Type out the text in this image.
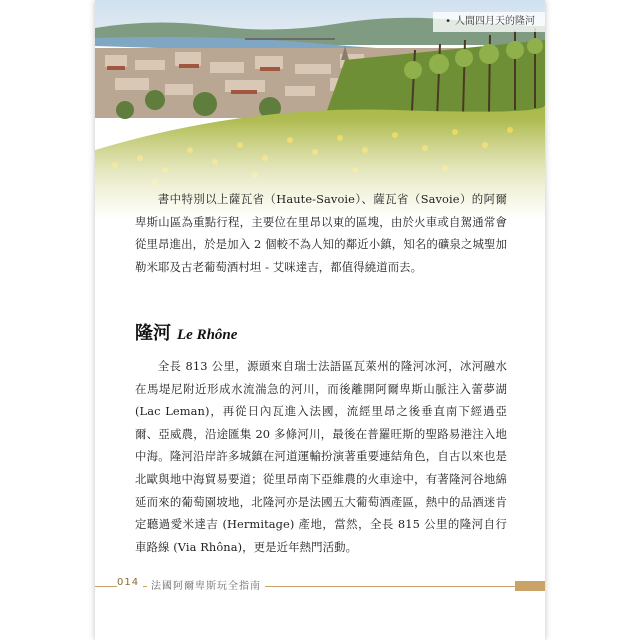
• 人間四月天的隆河

書中特別以上薩瓦省（Haute-Savoie）、薩瓦省（Savoie）的阿爾卑斯山區為重點行程，主要位在里昂以東的區塊，由於火車或自駕通常會從里昂進出，於是加入 2 個較不為人知的鄰近小鎮，知名的礦泉之城聖加勒米耶及古老葡萄酒村坦 - 艾咪達吉，都值得繞道而去。

隆河 Le Rhône

全長 813 公里，源頭來自瑞士法語區瓦萊州的隆河冰河，冰河融水在馬堤尼附近形成水流湍急的河川，而後離開阿爾卑斯山脈注入蕾夢湖 (Lac Leman)，再從日內瓦進入法國，流經里昂之後垂直南下經過亞爾、亞威農，沿途匯集 20 多條河川，最後在普羅旺斯的聖路易港注入地中海。隆河沿岸許多城鎮在河道運輸扮演著重要連結角色，自古以來也是北歐與地中海貿易要道；從里昂南下亞維農的火車途中，有著隆河谷地綿延而來的葡萄園坡地，北隆河亦是法國五大葡萄酒產區，熱中的品酒迷肯定聽過愛米達吉 (Hermitage) 產地，當然，全長 815 公里的隆河自行車路線 (Via Rhôna)，更是近年熱門活動。

014	法國阿爾卑斯玩全指南
